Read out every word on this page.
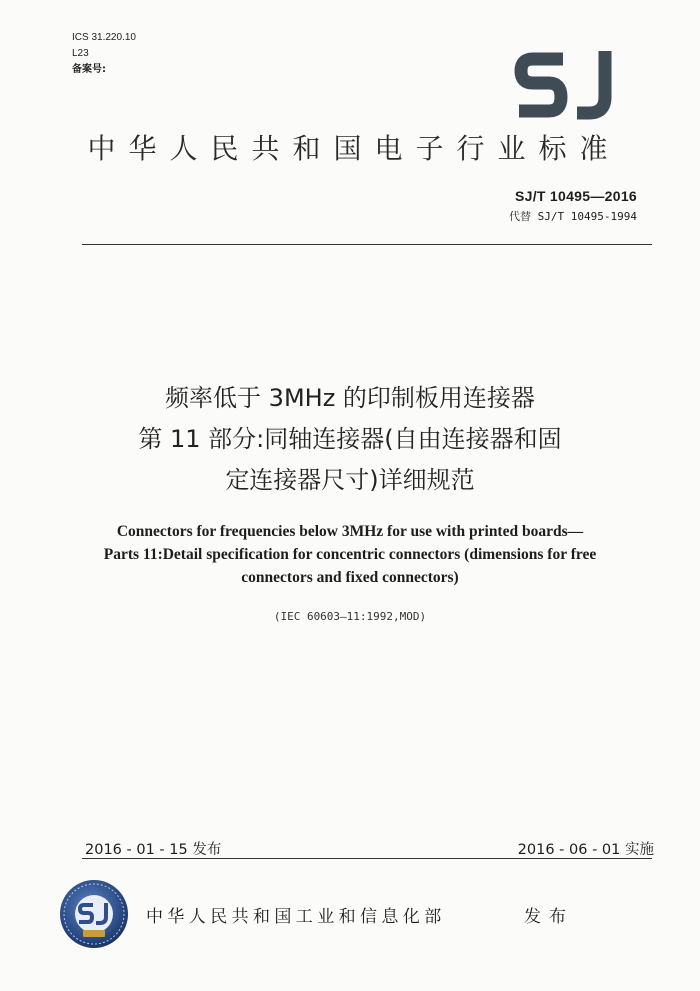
ICS 31.220.10
L23
备案号:
中华人民共和国电子行业标准
SJ/T 10495—2016
代替 SJ/T 10495-1994
频率低于 3MHz 的印制板用连接器
第 11 部分:同轴连接器(自由连接器和固
定连接器尺寸)详细规范
Connectors for frequencies below 3MHz for use with printed boards—
Parts 11:Detail specification for concentric connectors (dimensions for free
connectors and fixed connectors)
(IEC 60603—11:1992,MOD)
2016 - 01 - 15 发布	2016 - 06 - 01 实施
中华人民共和国工业和信息化部	发布
